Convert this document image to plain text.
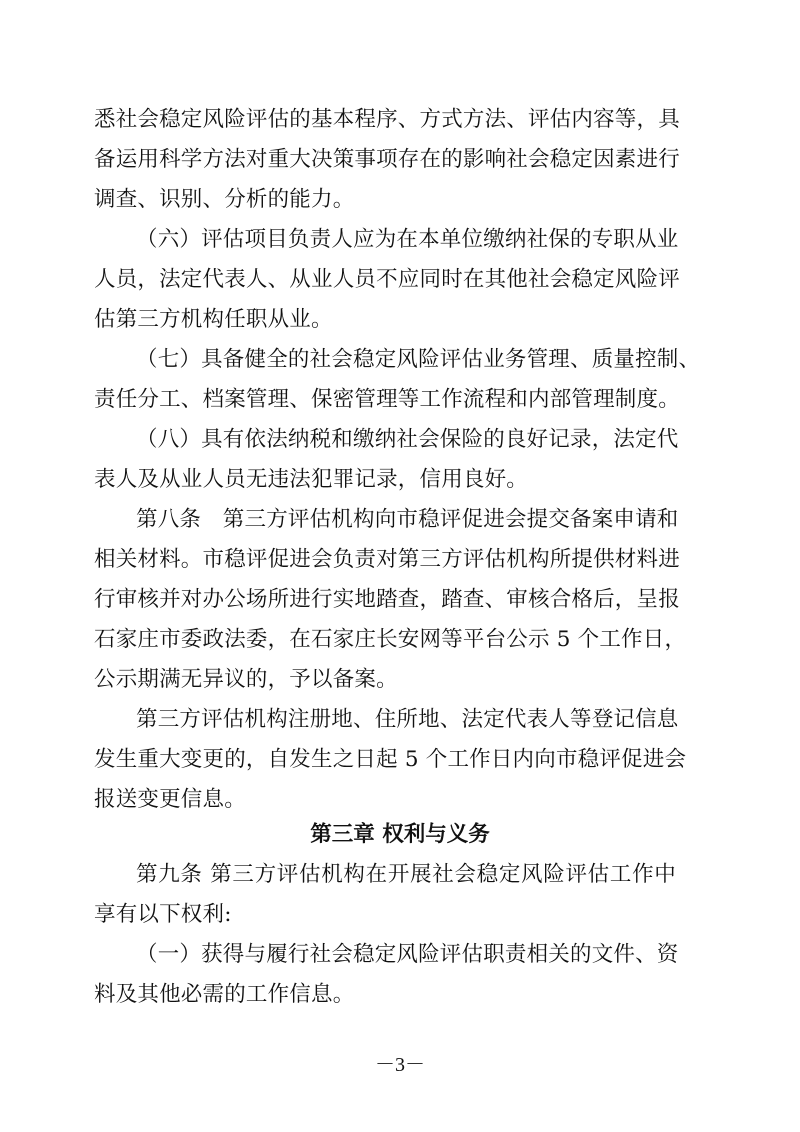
悉社会稳定风险评估的基本程序、方式方法、评估内容等，具
备运用科学方法对重大决策事项存在的影响社会稳定因素进行
调查、识别、分析的能力。
（六）评估项目负责人应为在本单位缴纳社保的专职从业
人员，法定代表人、从业人员不应同时在其他社会稳定风险评
估第三方机构任职从业。
（七）具备健全的社会稳定风险评估业务管理、质量控制、
责任分工、档案管理、保密管理等工作流程和内部管理制度。
（八）具有依法纳税和缴纳社会保险的良好记录，法定代
表人及从业人员无违法犯罪记录，信用良好。
第八条　第三方评估机构向市稳评促进会提交备案申请和
相关材料。市稳评促进会负责对第三方评估机构所提供材料进
行审核并对办公场所进行实地踏查，踏查、审核合格后，呈报
石家庄市委政法委，在石家庄长安网等平台公示 5 个工作日，
公示期满无异议的，予以备案。
第三方评估机构注册地、住所地、法定代表人等登记信息
发生重大变更的，自发生之日起 5 个工作日内向市稳评促进会
报送变更信息。
第三章 权利与义务
第九条 第三方评估机构在开展社会稳定风险评估工作中
享有以下权利:
（一）获得与履行社会稳定风险评估职责相关的文件、资
料及其他必需的工作信息。
－3－
